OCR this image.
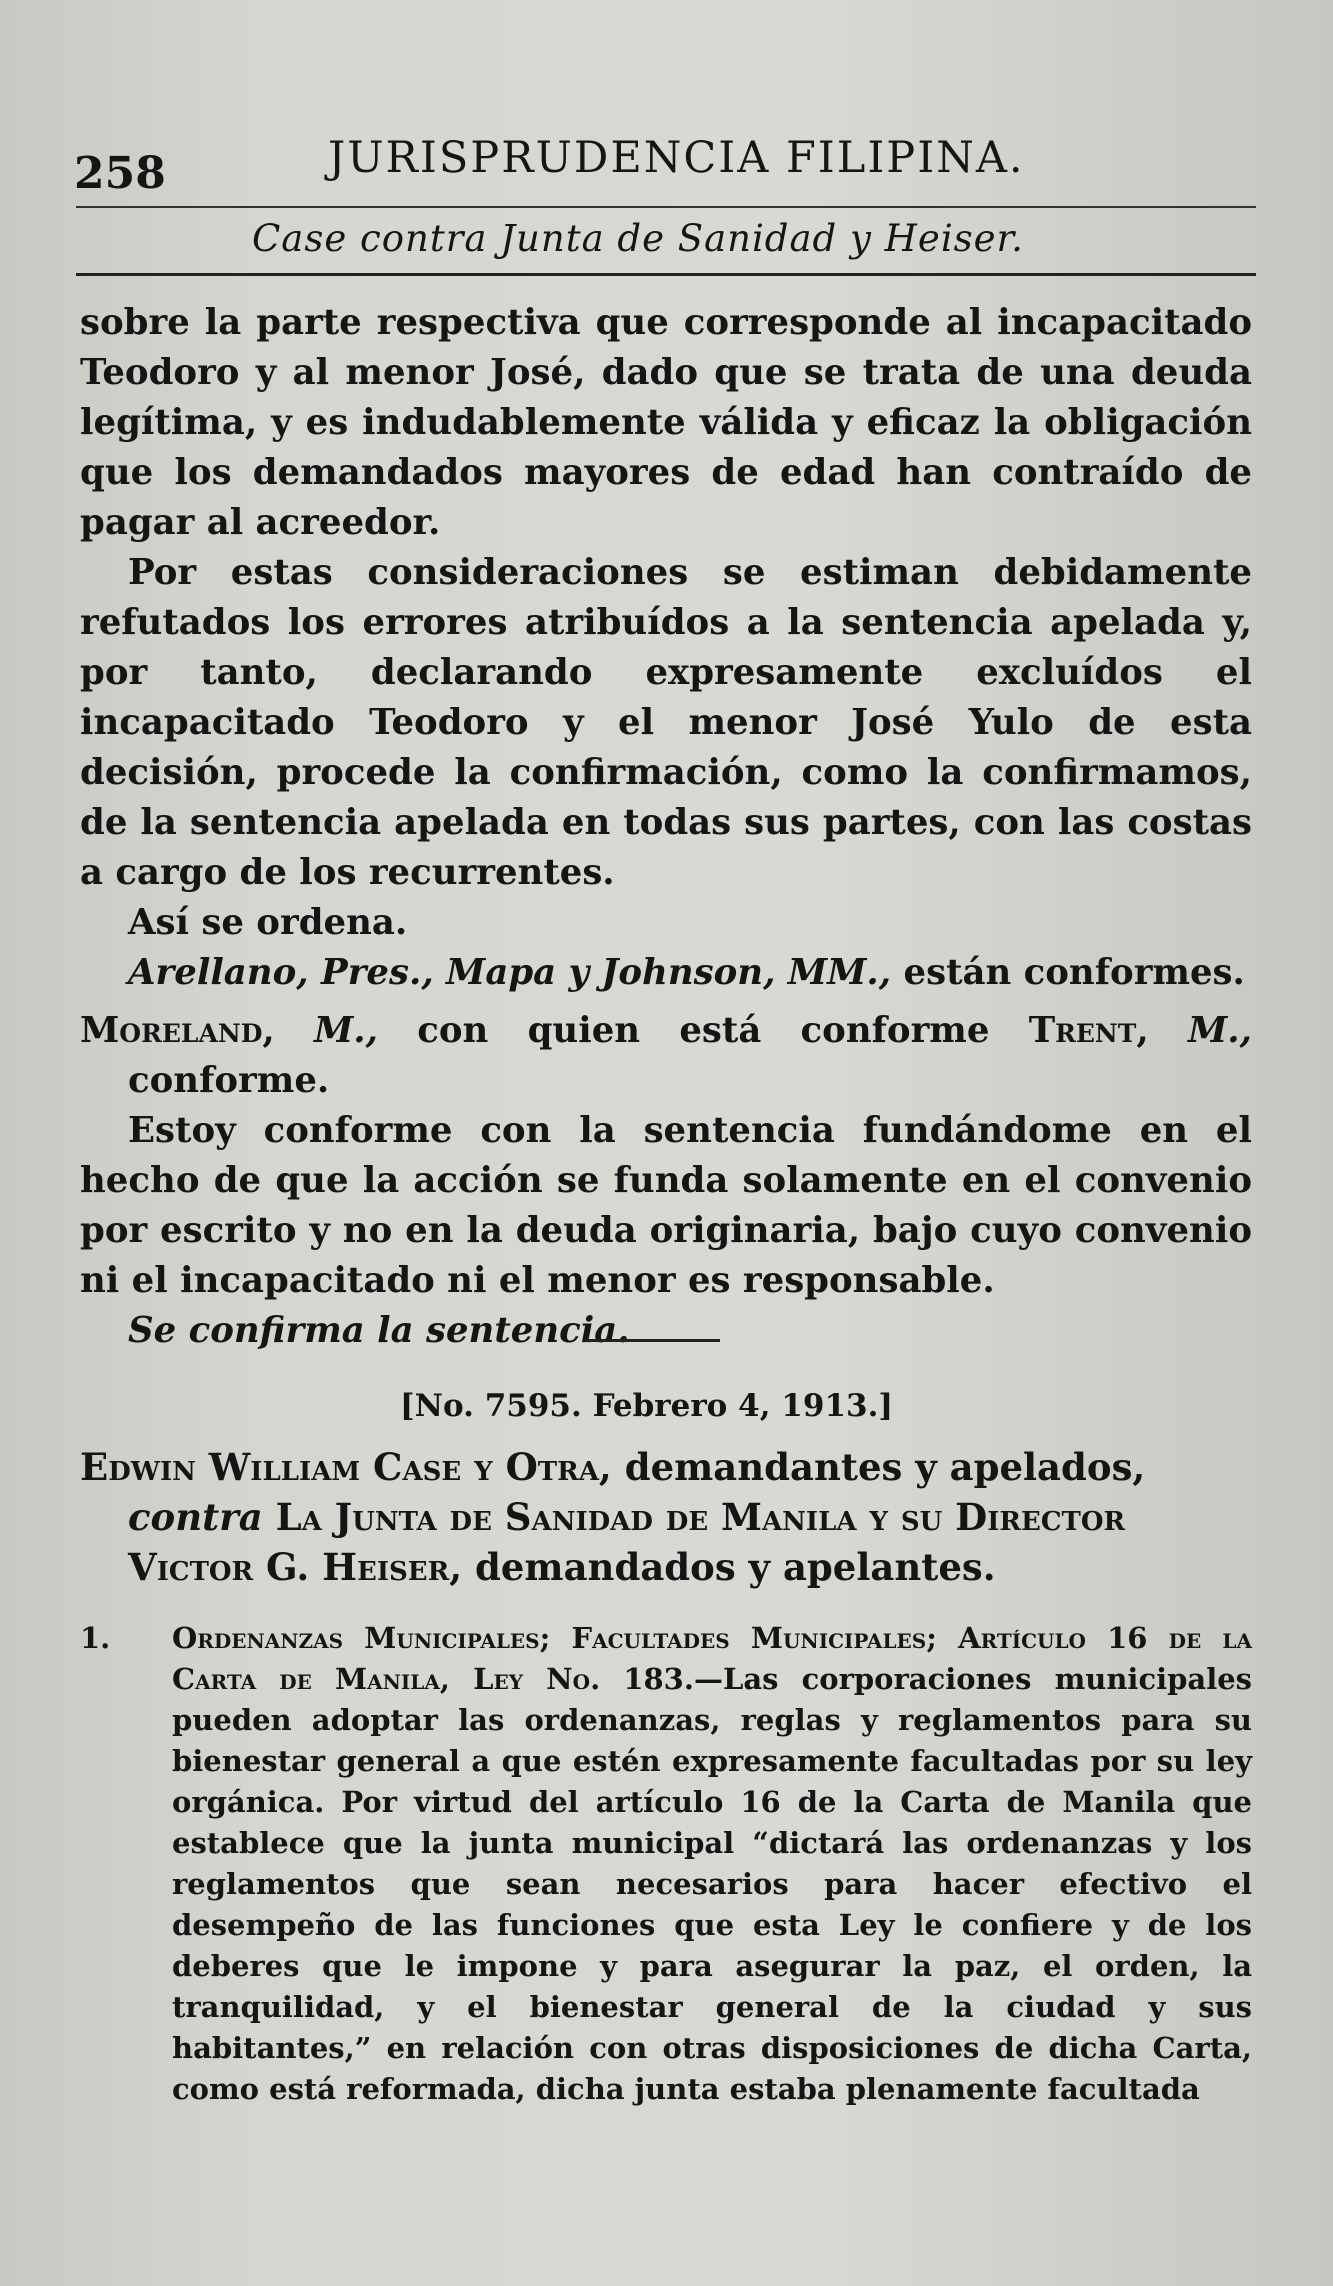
258	JURISPRUDENCIA FILIPINA.
Case contra Junta de Sanidad y Heiser.

sobre la parte respectiva que corresponde al incapacitado Teodoro y al menor José, dado que se trata de una deuda legítima, y es indudablemente válida y eficaz la obligación que los demandados mayores de edad han contraído de pagar al acreedor.

Por estas consideraciones se estiman debidamente refutados los errores atribuídos a la sentencia apelada y, por tanto, declarando expresamente excluídos el incapacitado Teodoro y el menor José Yulo de esta decisión, procede la confirmación, como la confirmamos, de la sentencia apelada en todas sus partes, con las costas a cargo de los recurrentes.

Así se ordena.

Arellano, Pres., Mapa y Johnson, MM., están conformes.

Moreland, M., con quien está conforme Trent, M., conforme.

Estoy conforme con la sentencia fundándome en el hecho de que la acción se funda solamente en el convenio por escrito y no en la deuda originaria, bajo cuyo convenio ni el incapacitado ni el menor es responsable.

Se confirma la sentencia.

[No. 7595. Febrero 4, 1913.]
Edwin William Case y Otra, demandantes y apelados,
contra La Junta de Sanidad de Manila y su Director
Victor G. Heiser, demandados y apelantes.
1. Ordenanzas Municipales; Facultades Municipales; Artículo 16 de la Carta de Manila, Ley No. 183.—Las corporaciones municipales pueden adoptar las ordenanzas, reglas y reglamentos para su bienestar general a que estén expresamente facultadas por su ley orgánica. Por virtud del artículo 16 de la Carta de Manila que establece que la junta municipal “dictará las ordenanzas y los reglamentos que sean necesarios para hacer efectivo el desempeño de las funciones que esta Ley le confiere y de los deberes que le impone y para asegurar la paz, el orden, la tranquilidad, y el bienestar general de la ciudad y sus habitantes,” en relación con otras disposiciones de dicha Carta, como está reformada, dicha junta estaba plenamente facultada
